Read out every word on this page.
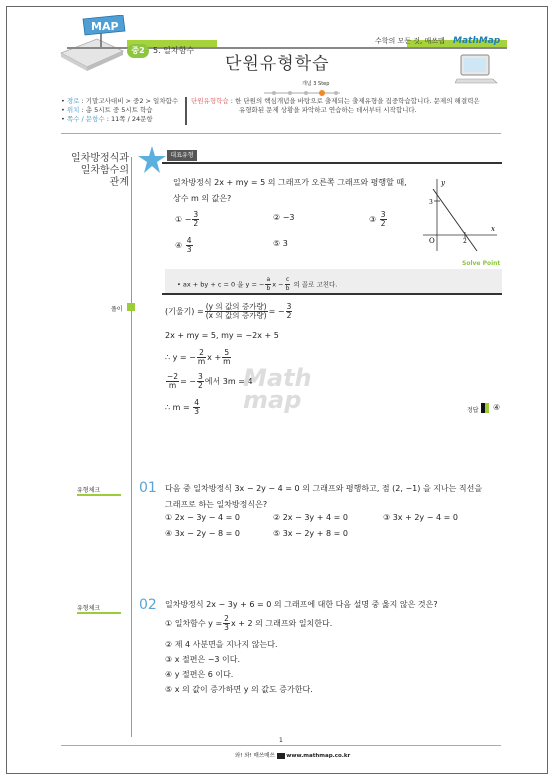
MAP
중2	5. 일차함수
단원유형학습
수학의 모든 것, 매쓰맵 MathMap
개념 3 Step
• 경로 : 기말고사대비 > 중2 > 일차함수
• 위치 : 총 5시트 중 5시트 학습
• 쪽수 / 문항수 : 11쪽 / 24문항
단원유형학습 : 한 단원의 핵심개념을 바탕으로 출제되는 출제유형을 집중학습합니다. 문제의 해결력은
유형화된 문제 상황을 파악하고 연습하는 데서부터 시작합니다.
일차방정식과
일차함수의
관계
대표유형
일차방정식 2x + my = 5 의 그래프가 오른쪽 그래프와 평행할 때,
상수 m 의 값은?
① − $\frac{3}{2}$	② −3	③ $\frac{3}{2}$
④ $\frac{4}{3}$	⑤ 3
y
x
O
3
2
Solve Point
• ax + by + c = 0 을 y = − $\frac{a}{b}$ $x - \frac{c}{b}$ 의 꼴로 고친다.
풀이	(기울기) = $\frac{\text{(y 의 값의 증가량)}}{\text{(x 의 값의 증가량)}}$ = − $\frac{3}{2}$
2x + my = 5, my = −2x + 5
∴ y = − $\frac{2}{m}$ $x + \frac{5}{m}$
$\frac{-2}{m}$ = − $\frac{3}{2}$ 에서 3m = 4
∴ $m = \frac{4}{3}$
Math map	정답 ④
유형체크	01 다음 중 일차방정식 3x − 2y − 4 = 0 의 그래프와 평행하고, 점 (2, −1) 을 지나는 직선을
그래프로 하는 일차방정식은?
① 2x − 3y − 4 = 0	② 2x − 3y + 4 = 0	③ 3x + 2y − 4 = 0
④ 3x − 2y − 8 = 0	⑤ 3x − 2y + 8 = 0
유형체크	02 일차방정식 2x − 3y + 6 = 0 의 그래프에 대한 다음 설명 중 옳지 않은 것은?
① 일차함수 $y = \frac{2}{3}$ x + 2 의 그래프와 일치한다.
② 제 4 사분면을 지나지 않는다.
③ x 절편은 −3 이다.
④ y 절편은 6 이다.
⑤ x 의 값이 증가하면 y 의 값도 증가한다.
1
와! 와! 매쓰매쓰 www.mathmap.co.kr
